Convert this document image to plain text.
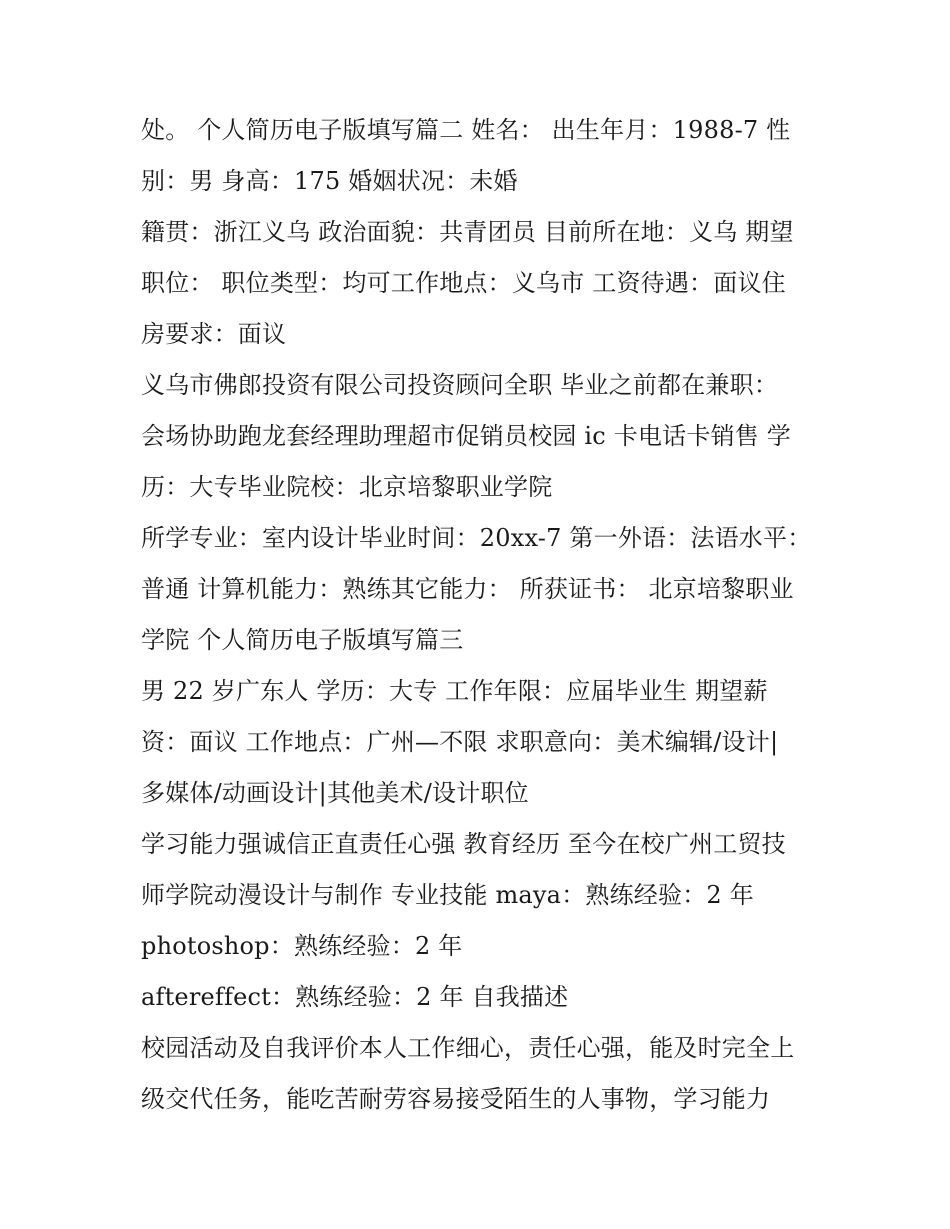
处。 个人简历电子版填写篇二 姓名： 出生年月：1988-7 性
别：男 身高：175 婚姻状况：未婚
籍贯：浙江义乌 政治面貌：共青团员 目前所在地：义乌 期望
职位： 职位类型：均可工作地点：义乌市 工资待遇：面议住
房要求：面议
义乌市佛郎投资有限公司投资顾问全职 毕业之前都在兼职：
会场协助跑龙套经理助理超市促销员校园 ic 卡电话卡销售 学
历：大专毕业院校：北京培黎职业学院
所学专业：室内设计毕业时间：20xx-7 第一外语：法语水平：
普通 计算机能力：熟练其它能力： 所获证书： 北京培黎职业
学院 个人简历电子版填写篇三
男 22 岁广东人 学历：大专 工作年限：应届毕业生 期望薪
资：面议 工作地点：广州—不限 求职意向：美术编辑/设计|
多媒体/动画设计|其他美术/设计职位
学习能力强诚信正直责任心强 教育经历 至今在校广州工贸技
师学院动漫设计与制作 专业技能 maya：熟练经验：2 年
photoshop：熟练经验：2 年
aftereffect：熟练经验：2 年 自我描述
校园活动及自我评价本人工作细心，责任心强，能及时完全上
级交代任务，能吃苦耐劳容易接受陌生的人事物，学习能力
